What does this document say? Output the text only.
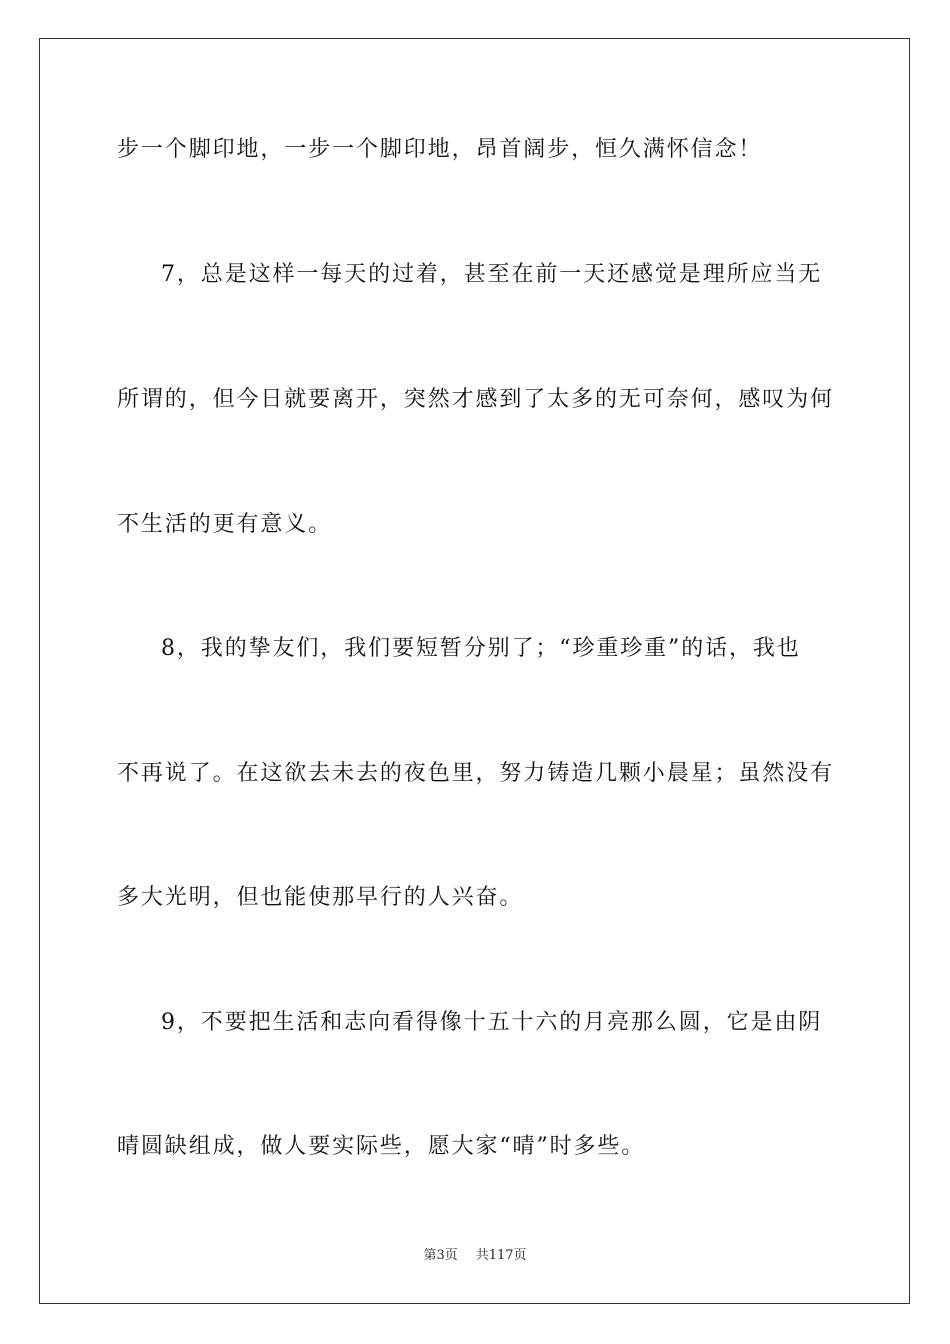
步一个脚印地，一步一个脚印地，昂首阔步，恒久满怀信念！
7，总是这样一每天的过着，甚至在前一天还感觉是理所应当无
所谓的，但今日就要离开，突然才感到了太多的无可奈何，感叹为何
不生活的更有意义。
8，我的挚友们，我们要短暂分别了；“珍重珍重”的话，我也
不再说了。在这欲去未去的夜色里，努力铸造几颗小晨星；虽然没有
多大光明，但也能使那早行的人兴奋。
9，不要把生活和志向看得像十五十六的月亮那么圆，它是由阴
晴圆缺组成，做人要实际些，愿大家“晴”时多些。
第3页 共117页
